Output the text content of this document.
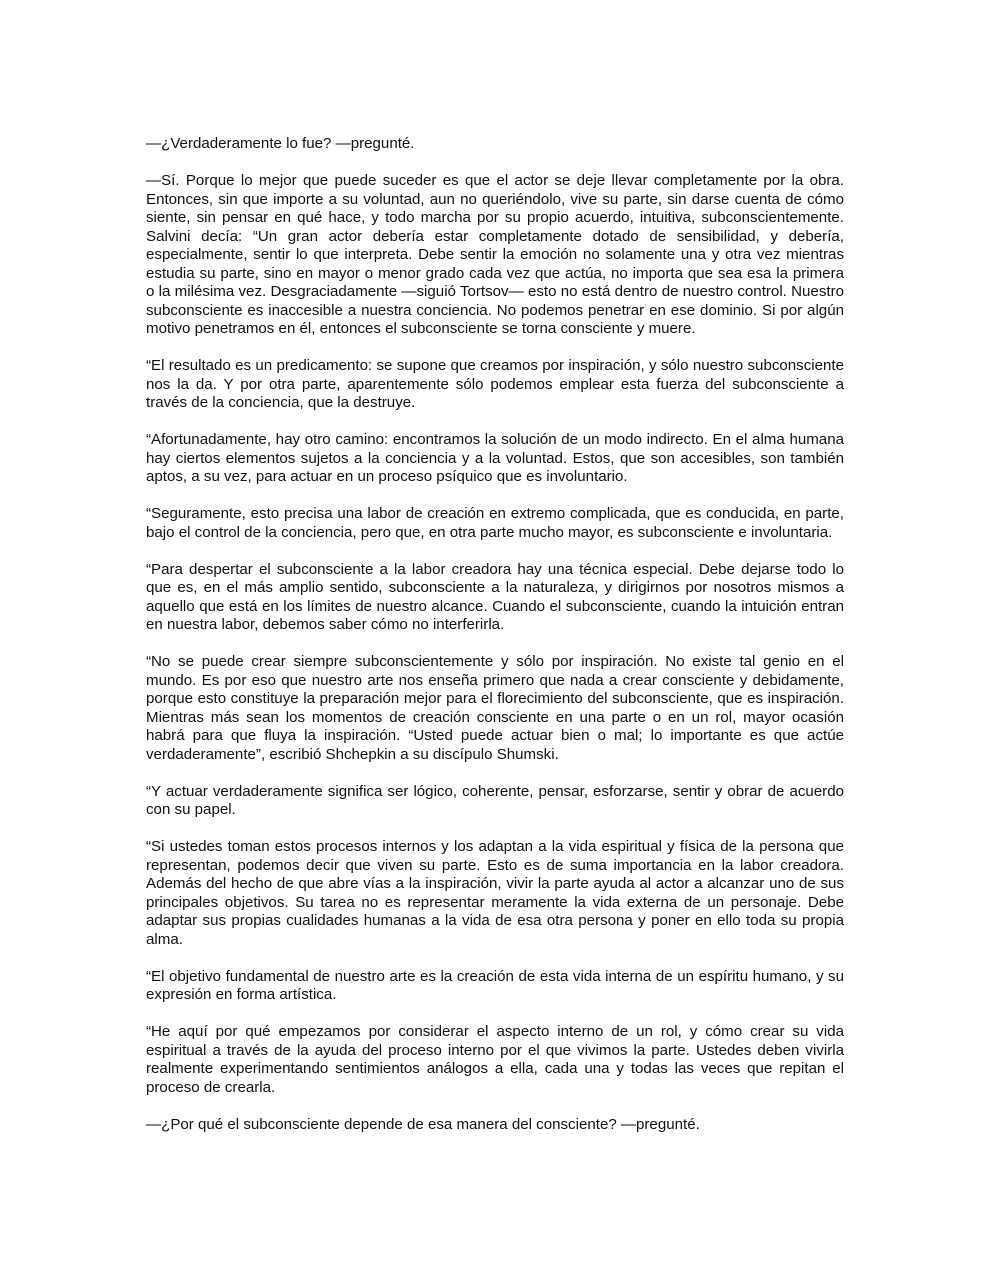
—¿Verdaderamente lo fue? —pregunté.

—Sí. Porque lo mejor que puede suceder es que el actor se deje llevar completamente por la obra. Entonces, sin que importe a su voluntad, aun no queriéndolo, vive su parte, sin darse cuenta de cómo siente, sin pensar en qué hace, y todo marcha por su propio acuerdo, intuitiva, subconscientemente. Salvini decía: “Un gran actor debería estar completamente dotado de sensibilidad, y debería, especialmente, sentir lo que interpreta. Debe sentir la emoción no solamente una y otra vez mientras estudia su parte, sino en mayor o menor grado cada vez que actúa, no importa que sea esa la primera o la milésima vez. Desgraciadamente —siguió Tortsov— esto no está dentro de nuestro control. Nuestro subconsciente es inaccesible a nuestra conciencia. No podemos penetrar en ese dominio. Si por algún motivo penetramos en él, entonces el subconsciente se torna consciente y muere.

“El resultado es un predicamento: se supone que creamos por inspiración, y sólo nuestro subconsciente nos la da. Y por otra parte, aparentemente sólo podemos emplear esta fuerza del subconsciente a través de la conciencia, que la destruye.

“Afortunadamente, hay otro camino: encontramos la solución de un modo indirecto. En el alma humana hay ciertos elementos sujetos a la conciencia y a la voluntad. Estos, que son accesibles, son también aptos, a su vez, para actuar en un proceso psíquico que es involuntario.

“Seguramente, esto precisa una labor de creación en extremo complicada, que es conducida, en parte, bajo el control de la conciencia, pero que, en otra parte mucho mayor, es subconsciente e involuntaria.

“Para despertar el subconsciente a la labor creadora hay una técnica especial. Debe dejarse todo lo que es, en el más amplio sentido, subconsciente a la naturaleza, y dirigirnos por nosotros mismos a aquello que está en los límites de nuestro alcance. Cuando el subconsciente, cuando la intuición entran en nuestra labor, debemos saber cómo no interferirla.

“No se puede crear siempre subconscientemente y sólo por inspiración. No existe tal genio en el mundo. Es por eso que nuestro arte nos enseña primero que nada a crear consciente y debidamente, porque esto constituye la preparación mejor para el florecimiento del subconsciente, que es inspiración. Mientras más sean los momentos de creación consciente en una parte o en un rol, mayor ocasión habrá para que fluya la inspiración. “Usted puede actuar bien o mal; lo importante es que actúe verdaderamente”, escribió Shchepkin a su discípulo Shumski.

“Y actuar verdaderamente significa ser lógico, coherente, pensar, esforzarse, sentir y obrar de acuerdo con su papel.

“Si ustedes toman estos procesos internos y los adaptan a la vida espiritual y física de la persona que representan, podemos decir que viven su parte. Esto es de suma importancia en la labor creadora. Además del hecho de que abre vías a la inspiración, vivir la parte ayuda al actor a alcanzar uno de sus principales objetivos. Su tarea no es representar meramente la vida externa de un personaje. Debe adaptar sus propias cualidades humanas a la vida de esa otra persona y poner en ello toda su propia alma.

“El objetivo fundamental de nuestro arte es la creación de esta vida interna de un espíritu humano, y su expresión en forma artística.

“He aquí por qué empezamos por considerar el aspecto interno de un rol, y cómo crear su vida espiritual a través de la ayuda del proceso interno por el que vivimos la parte. Ustedes deben vivirla realmente experimentando sentimientos análogos a ella, cada una y todas las veces que repitan el proceso de crearla.

—¿Por qué el subconsciente depende de esa manera del consciente? —pregunté.
